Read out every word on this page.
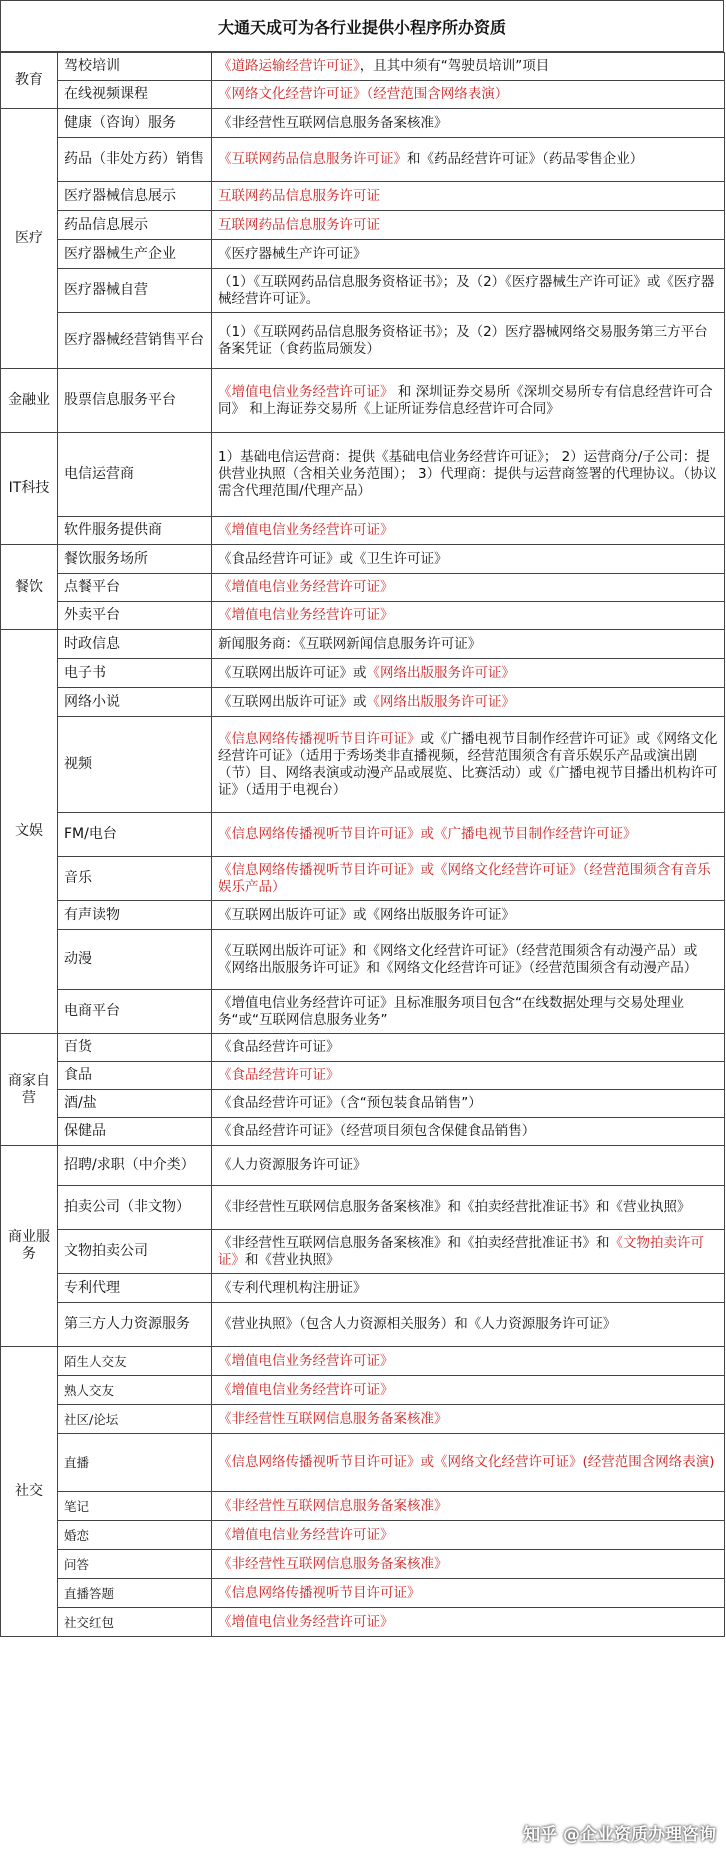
大通天成可为各行业提供小程序所办资质
教育	驾校培训	《道路运输经营许可证》，且其中须有“驾驶员培训”项目
	在线视频课程	《网络文化经营许可证》（经营范围含网络表演）
医疗	健康（咨询）服务	《非经营性互联网信息服务备案核准》
	药品（非处方药）销售	《互联网药品信息服务许可证》和《药品经营许可证》（药品零售企业）
	医疗器械信息展示	互联网药品信息服务许可证
	药品信息展示	互联网药品信息服务许可证
	医疗器械生产企业	《医疗器械生产许可证》
	医疗器械自营	（1）《互联网药品信息服务资格证书》；及（2）《医疗器械生产许可证》或《医疗器械经营许可证》。
	医疗器械经营销售平台	（1）《互联网药品信息服务资格证书》；及（2）医疗器械网络交易服务第三方平台备案凭证（食药监局颁发）
金融业	股票信息服务平台	《增值电信业务经营许可证》 和 深圳证券交易所《深圳交易所专有信息经营许可合同》 和上海证券交易所《上证所证券信息经营许可合同》
IT科技	电信运营商	1）基础电信运营商：提供《基础电信业务经营许可证》； 2）运营商分/子公司：提供营业执照（含相关业务范围）； 3）代理商：提供与运营商签署的代理协议。（协议需含代理范围/代理产品）
	软件服务提供商	《增值电信业务经营许可证》
餐饮	餐饮服务场所	《食品经营许可证》或《卫生许可证》
	点餐平台	《增值电信业务经营许可证》
	外卖平台	《增值电信业务经营许可证》
文娱	时政信息	新闻服务商：《互联网新闻信息服务许可证》
	电子书	《互联网出版许可证》或《网络出版服务许可证》
	网络小说	《互联网出版许可证》或《网络出版服务许可证》
	视频	《信息网络传播视听节目许可证》或《广播电视节目制作经营许可证》或《网络文化经营许可证》（适用于秀场类非直播视频，经营范围须含有音乐娱乐产品或演出剧（节）目、网络表演或动漫产品或展览、比赛活动）或《广播电视节目播出机构许可证》（适用于电视台）
	FM/电台	《信息网络传播视听节目许可证》或《广播电视节目制作经营许可证》
	音乐	《信息网络传播视听节目许可证》或《网络文化经营许可证》（经营范围须含有音乐娱乐产品）
	有声读物	《互联网出版许可证》或《网络出版服务许可证》
	动漫	《互联网出版许可证》和《网络文化经营许可证》（经营范围须含有动漫产品）或《网络出版服务许可证》和《网络文化经营许可证》（经营范围须含有动漫产品）
	电商平台	《增值电信业务经营许可证》且标准服务项目包含“在线数据处理与交易处理业务“或“互联网信息服务业务”
商家自营	百货	《食品经营许可证》
	食品	《食品经营许可证》
	酒/盐	《食品经营许可证》（含“预包装食品销售”）
	保健品	《食品经营许可证》（经营项目须包含保健食品销售）
商业服务	招聘/求职（中介类）	《人力资源服务许可证》
	拍卖公司（非文物）	《非经营性互联网信息服务备案核准》和《拍卖经营批准证书》和《营业执照》
	文物拍卖公司	《非经营性互联网信息服务备案核准》和《拍卖经营批准证书》和《文物拍卖许可证》和《营业执照》
	专利代理	《专利代理机构注册证》
	第三方人力资源服务	《营业执照》（包含人力资源相关服务）和《人力资源服务许可证》
社交	陌生人交友	《增值电信业务经营许可证》
	熟人交友	《增值电信业务经营许可证》
	社区/论坛	《非经营性互联网信息服务备案核准》
	直播	《信息网络传播视听节目许可证》或《网络文化经营许可证》(经营范围含网络表演)
	笔记	《非经营性互联网信息服务备案核准》
	婚恋	《增值电信业务经营许可证》
	问答	《非经营性互联网信息服务备案核准》
	直播答题	《信息网络传播视听节目许可证》
	社交红包	《增值电信业务经营许可证》
知乎 @企业资质办理咨询
